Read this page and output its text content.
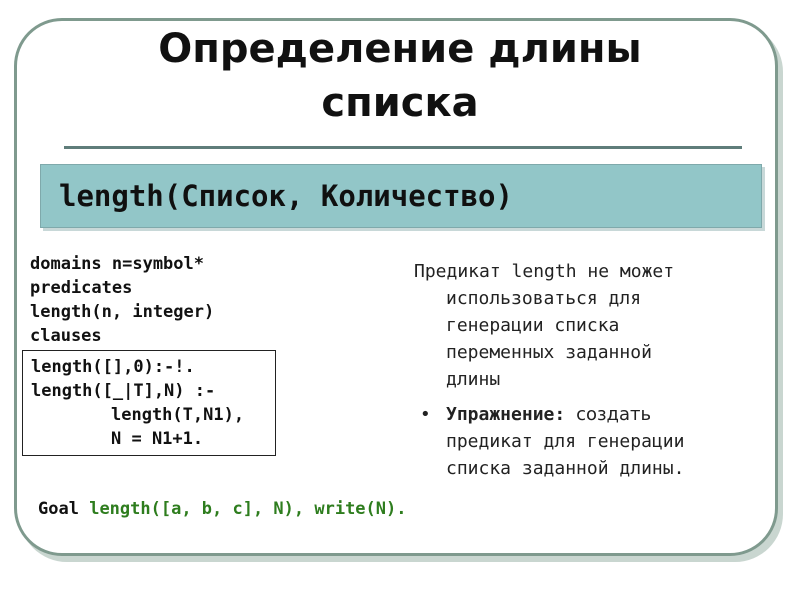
Определение длины
списка
length(Список, Количество)
domains n=symbol*
predicates
length(n, integer)
clauses
length([],0):-!.
length([_|T],N) :-
length(T,N1),
N = N1+1.
Предикат length не может
использоваться для
генерации списка
переменных заданной
длины
• Упражнение: создать
предикат для генерации
списка заданной длины.
Goal length([a, b, c], N), write(N).
